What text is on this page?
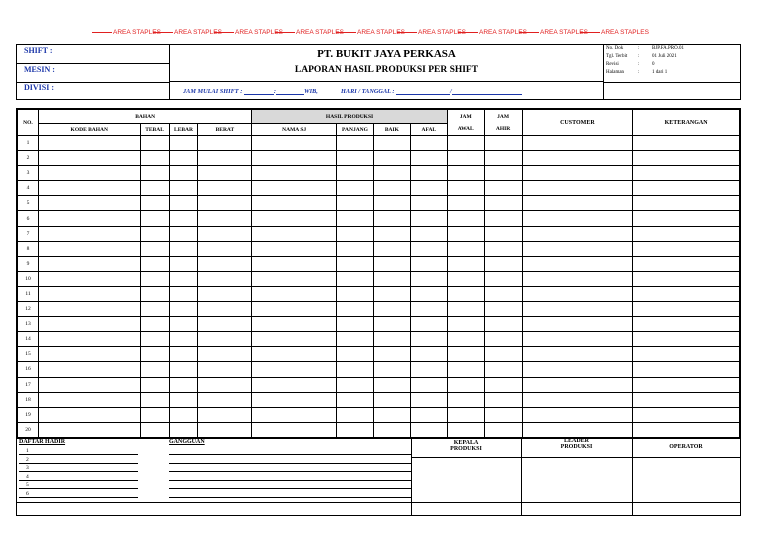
AREA STAPLES AREA STAPLES AREA STAPLES AREA STAPLES AREA STAPLES AREA STAPLES AREA STAPLES AREA STAPLES AREA STAPLES
SHIFT :
MESIN :
DIVISI :
PT. BUKIT JAYA PERKASA
LAPORAN HASIL PRODUKSI PER SHIFT
JAM MULAI SHIFT :	:	WIB,	HARI / TANGGAL :	/
No. Dok	:	BJP.FA.PRO.01
Tgl. Terbit :	01 Juli 2021
Revisi	:	0
Halaman	:	1 dari 1
NO.	BAHAN				HASIL PRODUKSI				JAM	JAM	CUSTOMER	KETERANGAN
	KODE BAHAN	TEBAL	LEBAR	BERAT	NAMA SJ	PANJANG	BAIK	AFAL	AWAL	AHIR		
1												
2												
3												
4												
5												
6												
7												
8												
9												
10												
11												
12												
13												
14												
15												
16												
17												
18												
19												
20												
DAFTAR HADIR	GANGGUAN
1
2
3
4
5
6
KEPALA
PRODUKSI
LEADER
PRODUKSI	OPERATOR
